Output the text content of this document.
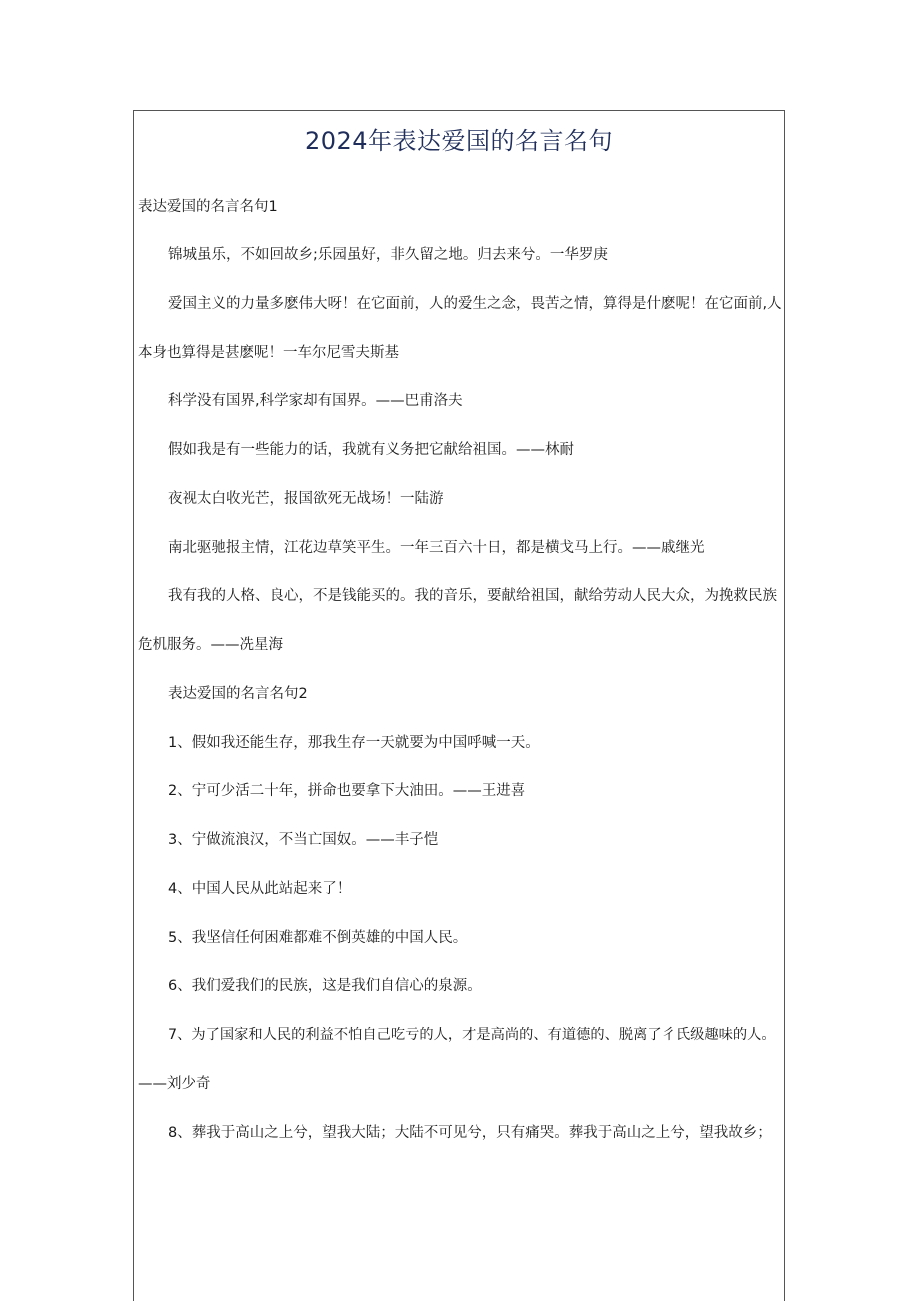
2024年表达爱国的名言名句
表达爱国的名言名句1
锦城虽乐，不如回故乡;乐园虽好，非久留之地。归去来兮。一华罗庚
爱国主义的力量多麽伟大呀！在它面前，人的爱生之念，畏苦之情，算得是什麽呢！在它面前,人
本身也算得是甚麽呢！一车尔尼雪夫斯基
科学没有国界,科学家却有国界。——巴甫洛夫
假如我是有一些能力的话，我就有义务把它献给祖国。——林耐
夜视太白收光芒，报国欲死无战场！一陆游
南北驱驰报主情，江花边草笑平生。一年三百六十日，都是横戈马上行。——戚继光
我有我的人格、良心，不是钱能买的。我的音乐，要献给祖国，献给劳动人民大众，为挽救民族
危机服务。——冼星海
表达爱国的名言名句2
1、假如我还能生存，那我生存一天就要为中国呼喊一天。
2、宁可少活二十年，拼命也要拿下大油田。——王进喜
3、宁做流浪汉，不当亡国奴。——丰子恺
4、中国人民从此站起来了！
5、我坚信任何困难都难不倒英雄的中国人民。
6、我们爱我们的民族，这是我们自信心的泉源。
7、为了国家和人民的利益不怕自己吃亏的人，才是高尚的、有道德的、脱离了彳氏级趣味的人。
——刘少奇
8、葬我于高山之上兮，望我大陆；大陆不可见兮，只有痛哭。葬我于高山之上兮，望我故乡；
